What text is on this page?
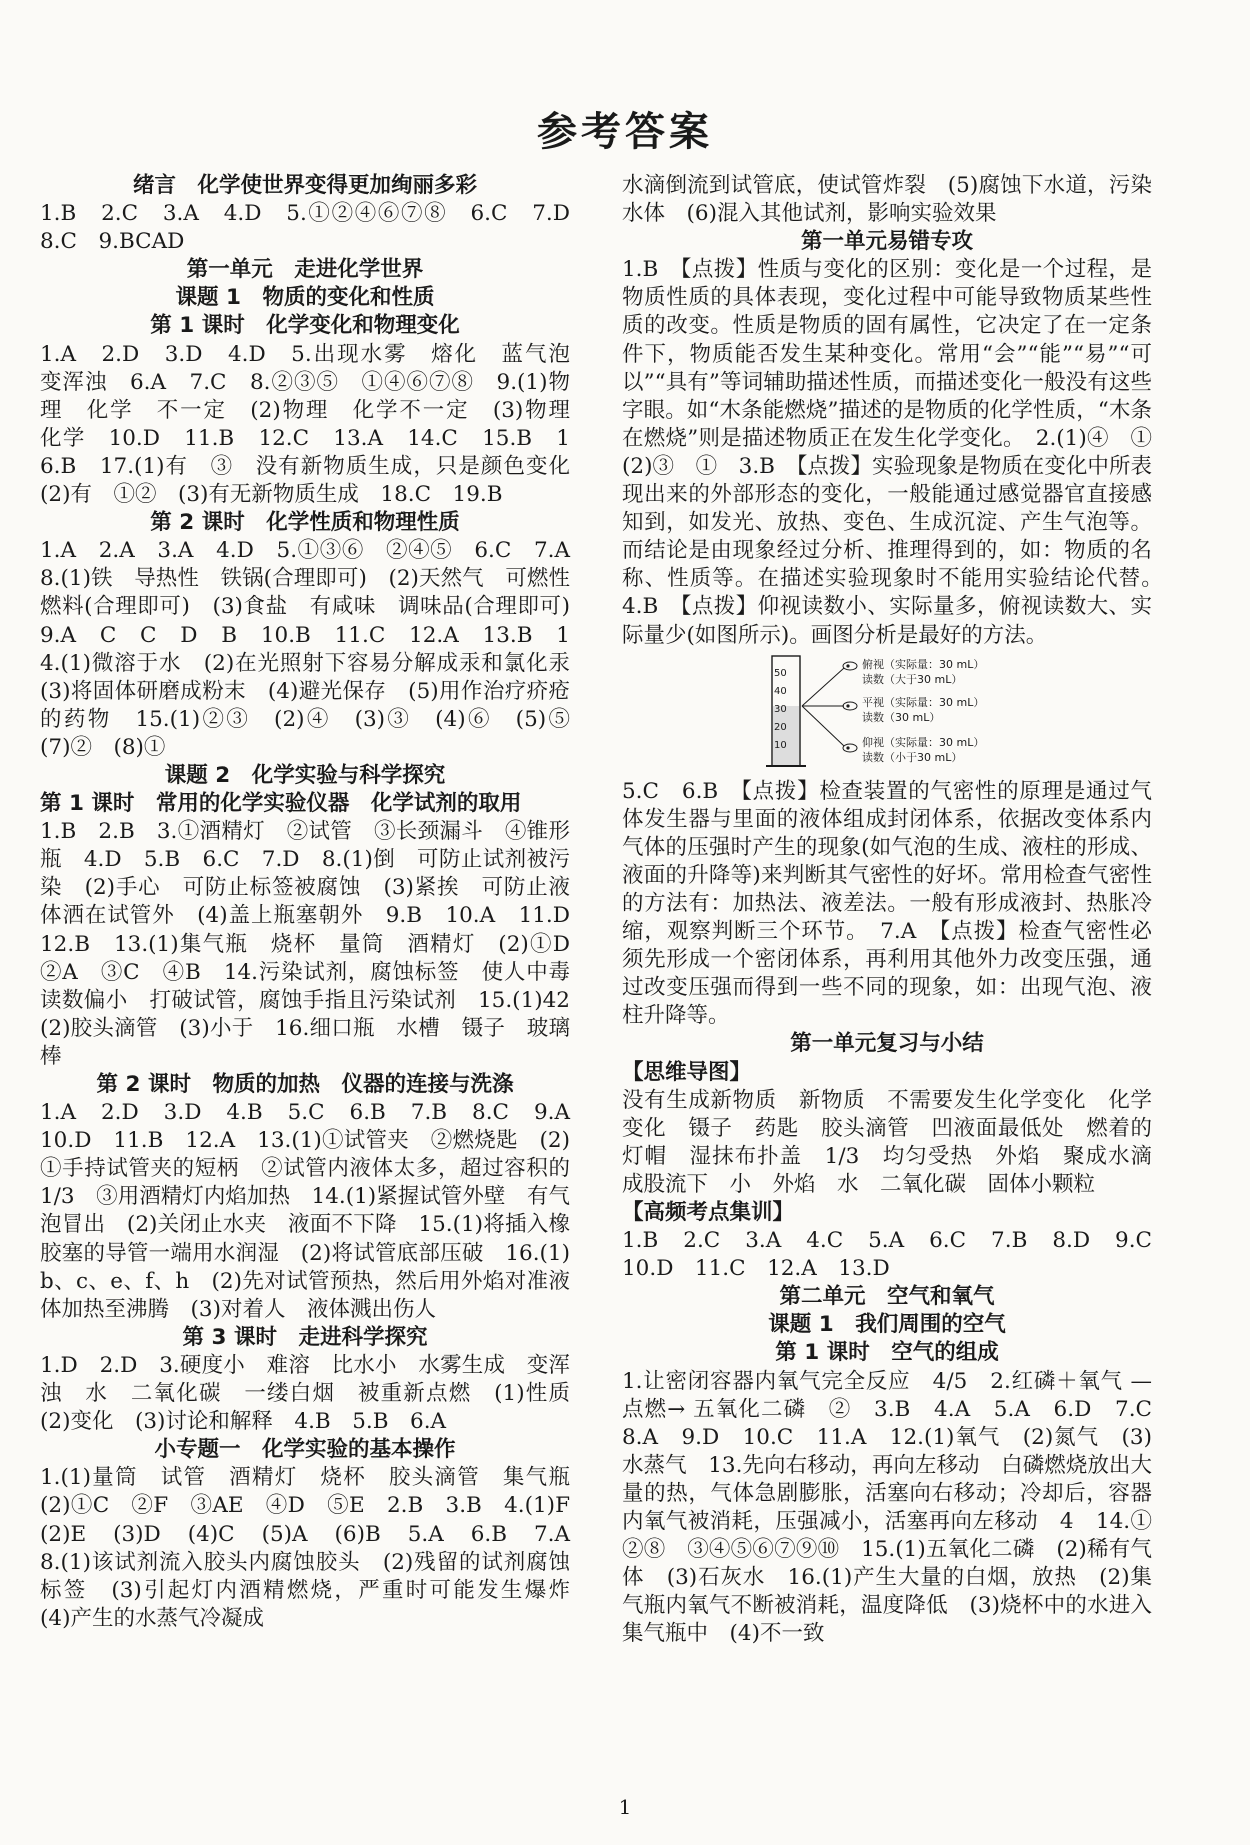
参考答案

绪言　化学使世界变得更加绚丽多彩

1.B　2.C　3.A　4.D　5.①②④⑥⑦⑧　6.C　7.D　8.C　9.BCAD

第一单元　走进化学世界

课题 1　物质的变化和性质

第 1 课时　化学变化和物理变化

1.A　2.D　3.D　4.D　5.出现水雾　熔化　蓝气泡　变浑浊　6.A　7.C　8.②③⑤　①④⑥⑦⑧　9.(1)物理　化学　不一定　(2)物理　化学不一定　(3)物理　化学　10.D　11.B　12.C　13.A　14.C　15.B　16.B　17.(1)有　③　没有新物质生成，只是颜色变化　(2)有　①②　(3)有无新物质生成　18.C　19.B

第 2 课时　化学性质和物理性质

1.A　2.A　3.A　4.D　5.①③⑥　②④⑤　6.C　7.A　8.(1)铁　导热性　铁锅(合理即可)　(2)天然气　可燃性　燃料(合理即可)　(3)食盐　有咸味　调味品(合理即可)　9.A　C　C　D　B　10.B　11.C　12.A　13.B　14.(1)微溶于水　(2)在光照射下容易分解成汞和氯化汞　(3)将固体研磨成粉末　(4)避光保存　(5)用作治疗疥疮的药物　15.(1)②③　(2)④　(3)③　(4)⑥　(5)⑤　(7)②　(8)①

课题 2　化学实验与科学探究

第 1 课时　常用的化学实验仪器　化学试剂的取用

1.B　2.B　3.①酒精灯　②试管　③长颈漏斗　④锥形瓶　4.D　5.B　6.C　7.D　8.(1)倒　可防止试剂被污染　(2)手心　可防止标签被腐蚀　(3)紧挨　可防止液体洒在试管外　(4)盖上瓶塞朝外　9.B　10.A　11.D　12.B　13.(1)集气瓶　烧杯　量筒　酒精灯　(2)①D　②A　③C　④B　14.污染试剂，腐蚀标签　使人中毒　读数偏小　打破试管，腐蚀手指且污染试剂　15.(1)42　(2)胶头滴管　(3)小于　16.细口瓶　水槽　镊子　玻璃棒

第 2 课时　物质的加热　仪器的连接与洗涤

1.A　2.D　3.D　4.B　5.C　6.B　7.B　8.C　9.A　10.D　11.B　12.A　13.(1)①试管夹　②燃烧匙　(2)①手持试管夹的短柄　②试管内液体太多，超过容积的1/3　③用酒精灯内焰加热　14.(1)紧握试管外壁　有气泡冒出　(2)关闭止水夹　液面不下降　15.(1)将插入橡胶塞的导管一端用水润湿　(2)将试管底部压破　16.(1)b、c、e、f、h　(2)先对试管预热，然后用外焰对准液体加热至沸腾　(3)对着人　液体溅出伤人

第 3 课时　走进科学探究

1.D　2.D　3.硬度小　难溶　比水小　水雾生成　变浑浊　水　二氧化碳　一缕白烟　被重新点燃　(1)性质　(2)变化　(3)讨论和解释　4.B　5.B　6.A

小专题一　化学实验的基本操作

1.(1)量筒　试管　酒精灯　烧杯　胶头滴管　集气瓶　(2)①C　②F　③AE　④D　⑤E　2.B　3.B　4.(1)F　(2)E　(3)D　(4)C　(5)A　(6)B　5.A　6.B　7.A　8.(1)该试剂流入胶头内腐蚀胶头　(2)残留的试剂腐蚀标签　(3)引起灯内酒精燃烧，严重时可能发生爆炸　(4)产生的水蒸气冷凝成

水滴倒流到试管底，使试管炸裂　(5)腐蚀下水道，污染水体　(6)混入其他试剂，影响实验效果

第一单元易错专攻

1.B　【点拨】性质与变化的区别：变化是一个过程，是物质性质的具体表现，变化过程中可能导致物质某些性质的改变。性质是物质的固有属性，它决定了在一定条件下，物质能否发生某种变化。常用“会”“能”“易”“可以”“具有”等词辅助描述性质，而描述变化一般没有这些字眼。如“木条能燃烧”描述的是物质的化学性质，“木条在燃烧”则是描述物质正在发生化学变化。　2.(1)④　①　(2)③　①　3.B　【点拨】实验现象是物质在变化中所表现出来的外部形态的变化，一般能通过感觉器官直接感知到，如发光、放热、变色、生成沉淀、产生气泡等。而结论是由现象经过分析、推理得到的，如：物质的名称、性质等。在描述实验现象时不能用实验结论代替。　4.B　【点拨】仰视读数小、实际量多，俯视读数大、实际量少(如图所示)。画图分析是最好的方法。

50
40
30
20
10
俯视（实际量：30 mL）
读数（大于30 mL）
平视（实际量：30 mL）
读数（30 mL）
仰视（实际量：30 mL）
读数（小于30 mL）

5.C　6.B　【点拨】检查装置的气密性的原理是通过气体发生器与里面的液体组成封闭体系，依据改变体系内气体的压强时产生的现象(如气泡的生成、液柱的形成、液面的升降等)来判断其气密性的好坏。常用检查气密性的方法有：加热法、液差法。一般有形成液封、热胀冷缩，观察判断三个环节。　7.A　【点拨】检查气密性必须先形成一个密闭体系，再利用其他外力改变压强，通过改变压强而得到一些不同的现象，如：出现气泡、液柱升降等。

第一单元复习与小结

【思维导图】

没有生成新物质　新物质　不需要发生化学变化　化学变化　镊子　药匙　胶头滴管　凹液面最低处　燃着的　灯帽　湿抹布扑盖　1/3　均匀受热　外焰　聚成水滴　成股流下　小　外焰　水　二氧化碳　固体小颗粒

【高频考点集训】

1.B　2.C　3.A　4.C　5.A　6.C　7.B　8.D　9.C　10.D　11.C　12.A　13.D

第二单元　空气和氧气

课题 1　我们周围的空气

第 1 课时　空气的组成

1.让密闭容器内氧气完全反应　4/5　2.红磷＋氧气 —点燃→ 五氧化二磷　②　3.B　4.A　5.A　6.D　7.C　8.A　9.D　10.C　11.A　12.(1)氧气　(2)氮气　(3)水蒸气　13.先向右移动，再向左移动　白磷燃烧放出大量的热，气体急剧膨胀，活塞向右移动；冷却后，容器内氧气被消耗，压强减小，活塞再向左移动　4　14.①②⑧　③④⑤⑥⑦⑨⑩　15.(1)五氧化二磷　(2)稀有气体　(3)石灰水　16.(1)产生大量的白烟，放热　(2)集气瓶内氧气不断被消耗，温度降低　(3)烧杯中的水进入集气瓶中　(4)不一致

1
